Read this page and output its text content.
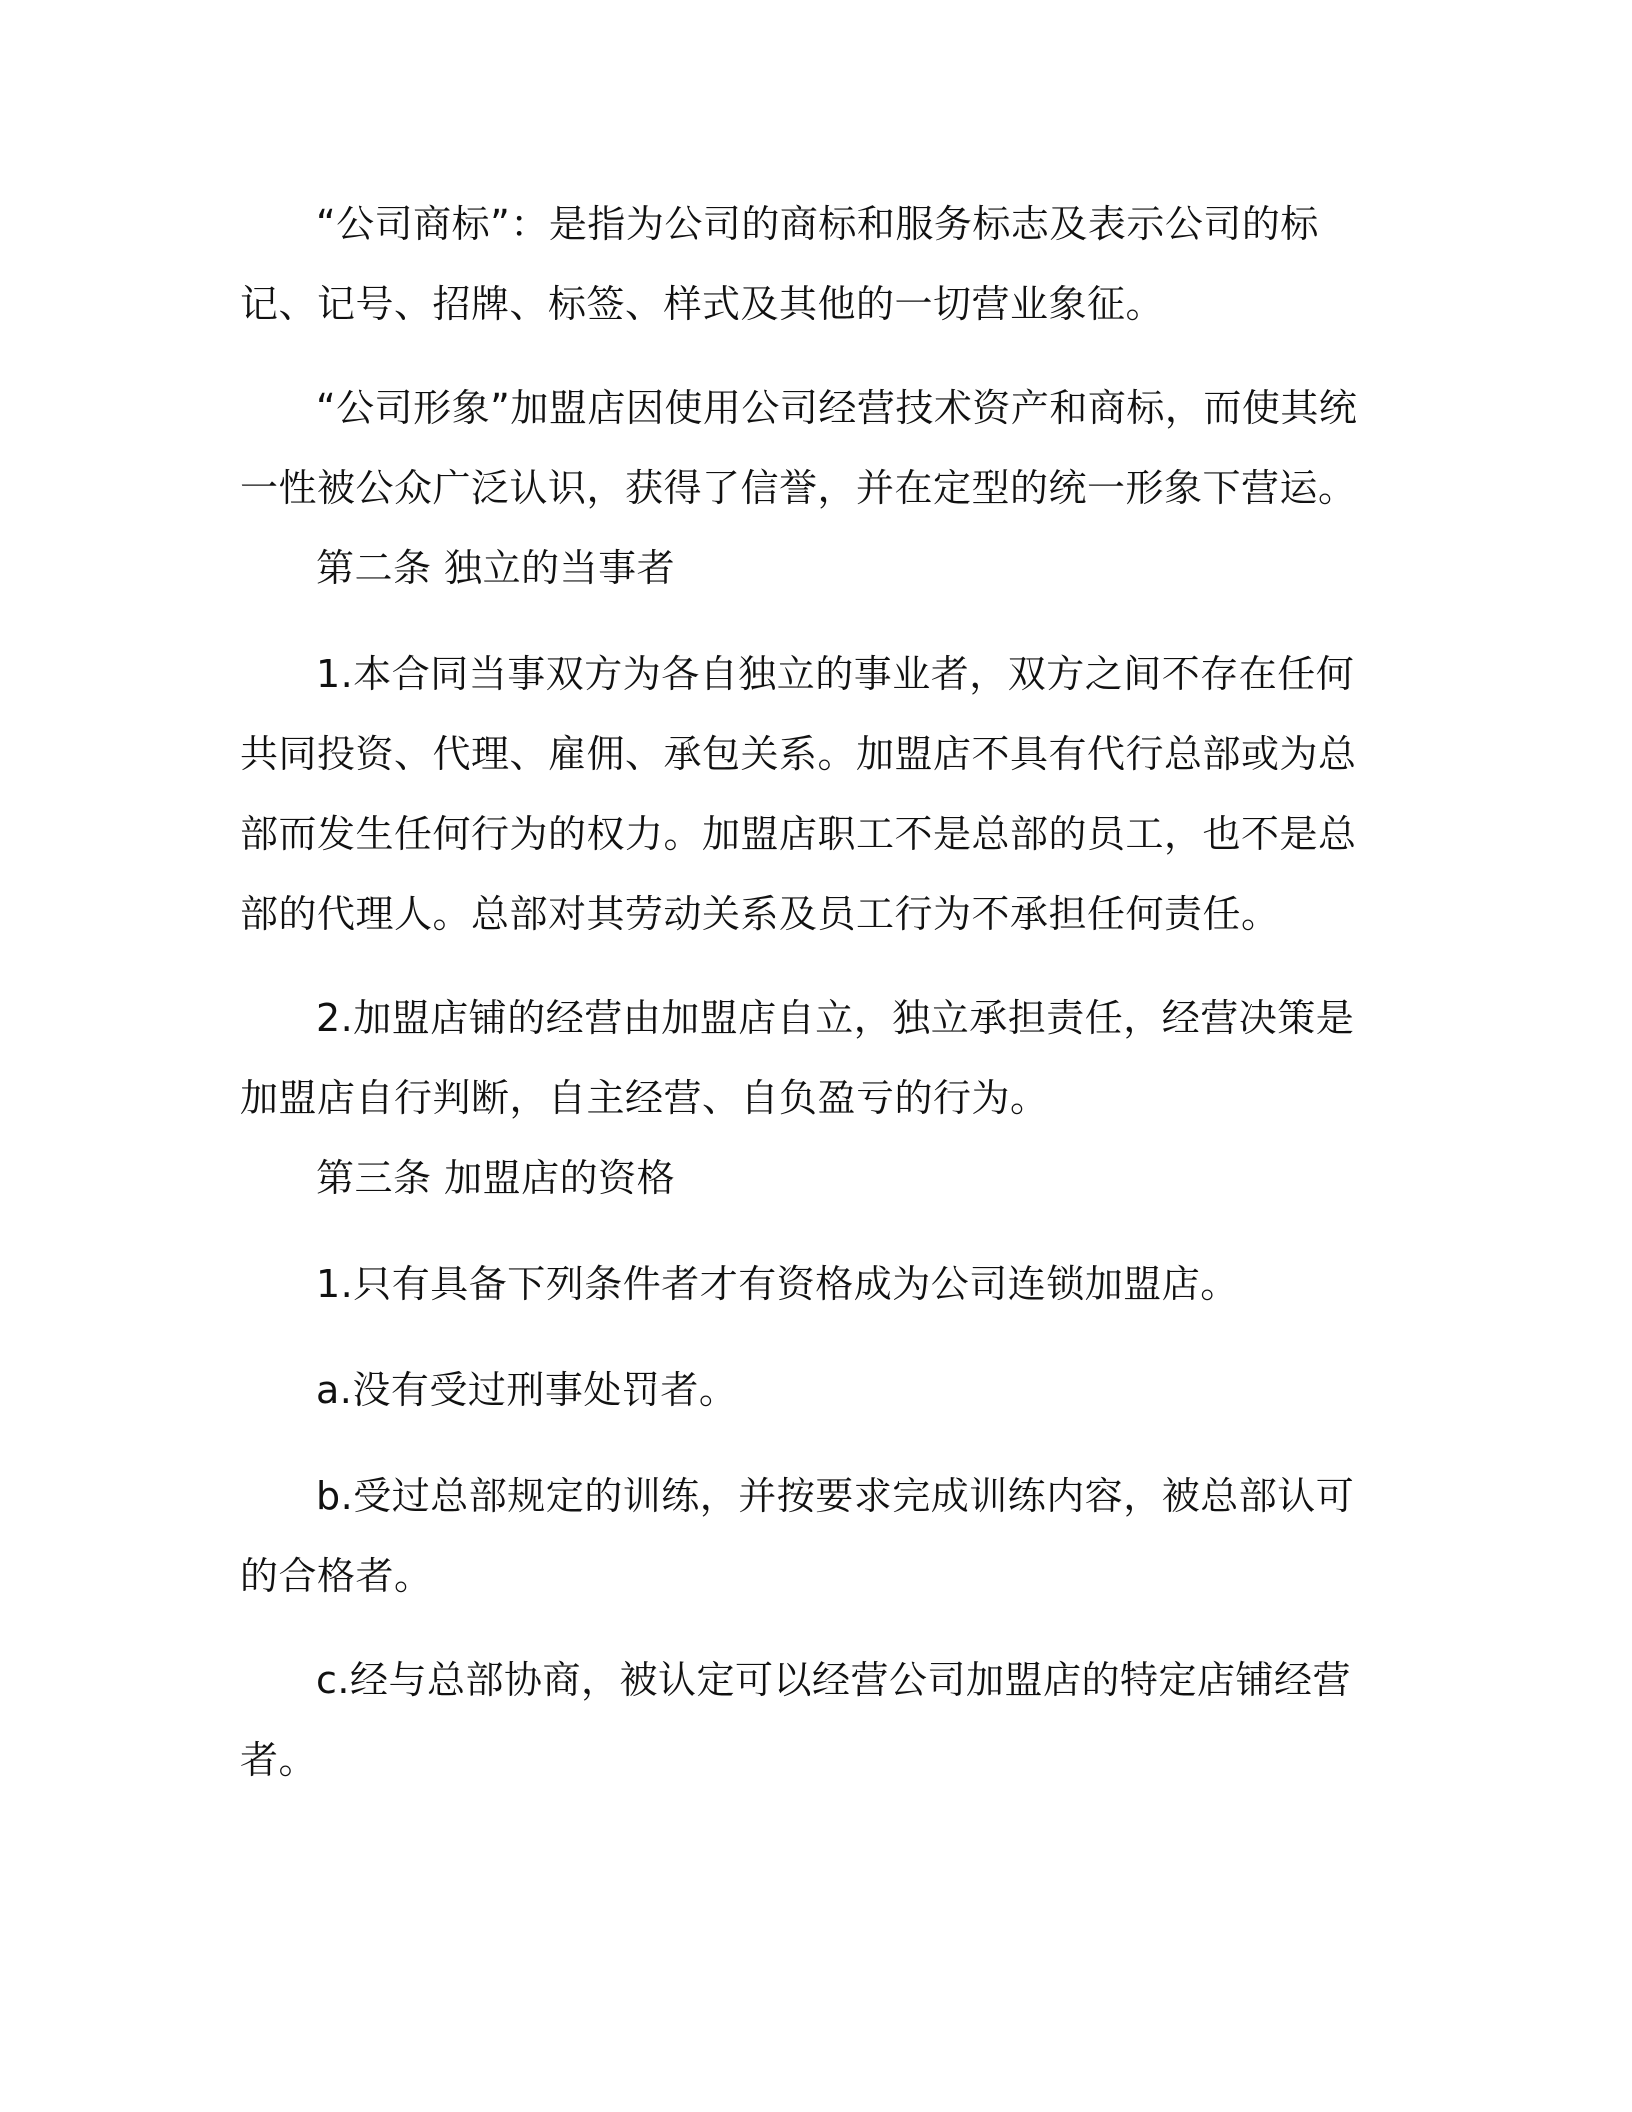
“公司商标”：是指为公司的商标和服务标志及表示公司的标记、记号、招牌、标签、样式及其他的一切营业象征。

“公司形象”加盟店因使用公司经营技术资产和商标，而使其统一性被公众广泛认识，获得了信誉，并在定型的统一形象下营运。

第二条 独立的当事者

1.本合同当事双方为各自独立的事业者，双方之间不存在任何共同投资、代理、雇佣、承包关系。加盟店不具有代行总部或为总部而发生任何行为的权力。加盟店职工不是总部的员工，也不是总部的代理人。总部对其劳动关系及员工行为不承担任何责任。

2.加盟店铺的经营由加盟店自立，独立承担责任，经营决策是加盟店自行判断，自主经营、自负盈亏的行为。

第三条 加盟店的资格

1.只有具备下列条件者才有资格成为公司连锁加盟店。

a.没有受过刑事处罚者。

b.受过总部规定的训练，并按要求完成训练内容，被总部认可的合格者。

c.经与总部协商，被认定可以经营公司加盟店的特定店铺经营者。
